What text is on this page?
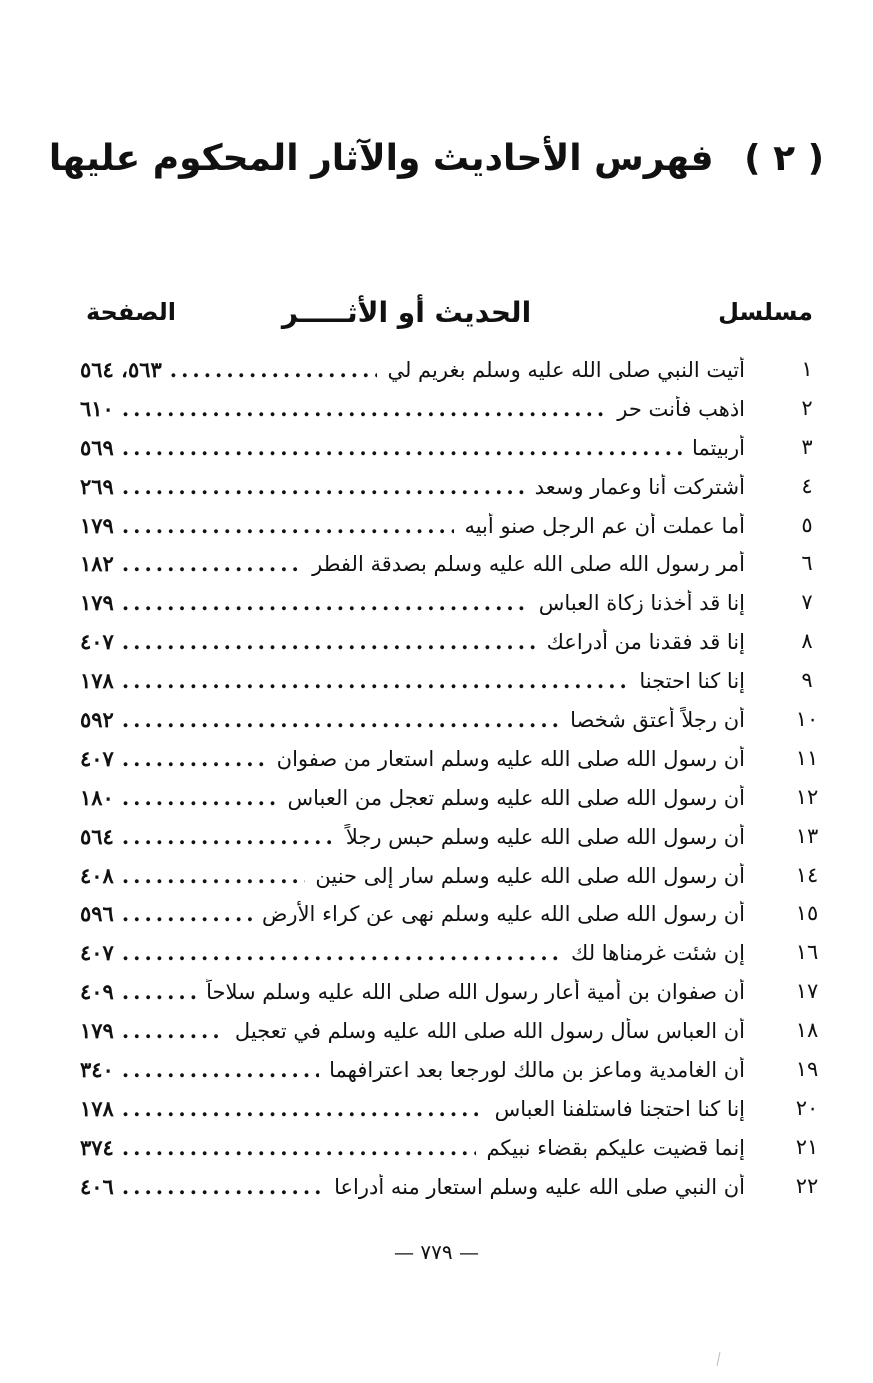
( ٢ ) فهرس الأحاديث والآثار المحكوم عليها
مسلسل
الحديث أو الأثـــــر
الصفحة
١
أتيت النبي صلى الله عليه وسلم بغريم لي
.....
٥٦٣، ٥٦٤
٢
اذهب فأنت حر
.....
٦١٠
٣
أربيتما
.....
٥٦٩
٤
أشتركت أنا وعمار وسعد
.....
٢٦٩
٥
أما عملت أن عم الرجل صنو أبيه
.....
١٧٩
٦
أمر رسول الله صلى الله عليه وسلم بصدقة الفطر
.....
١٨٢
٧
إنا قد أخذنا زكاة العباس
.....
١٧٩
٨
إنا قد فقدنا من أدراعك
.....
٤٠٧
٩
إنا كنا احتجنا
.....
١٧٨
١٠
أن رجلاً أعتق شخصا
.....
٥٩٢
١١
أن رسول الله صلى الله عليه وسلم استعار من صفوان
.....
٤٠٧
١٢
أن رسول الله صلى الله عليه وسلم تعجل من العباس
.....
١٨٠
١٣
أن رسول الله صلى الله عليه وسلم حبس رجلاً
.....
٥٦٤
١٤
أن رسول الله صلى الله عليه وسلم سار إلى حنين
.....
٤٠٨
١٥
أن رسول الله صلى الله عليه وسلم نهى عن كراء الأرض
.....
٥٩٦
١٦
إن شئت غرمناها لك
.....
٤٠٧
١٧
أن صفوان بن أمية أعار رسول الله صلى الله عليه وسلم سلاحاً
.....
٤٠٩
١٨
أن العباس سأل رسول الله صلى الله عليه وسلم في تعجيل
.....
١٧٩
١٩
أن الغامدية وماعز بن مالك لورجعا بعد اعترافهما
.....
٣٤٠
٢٠
إنا كنا احتجنا فاستلفنا العباس
.....
١٧٨
٢١
إنما قضيت عليكم بقضاء نبيكم
.....
٣٧٤
٢٢
أن النبي صلى الله عليه وسلم استعار منه أدراعا
.....
٤٠٦
— ٧٧٩ —
